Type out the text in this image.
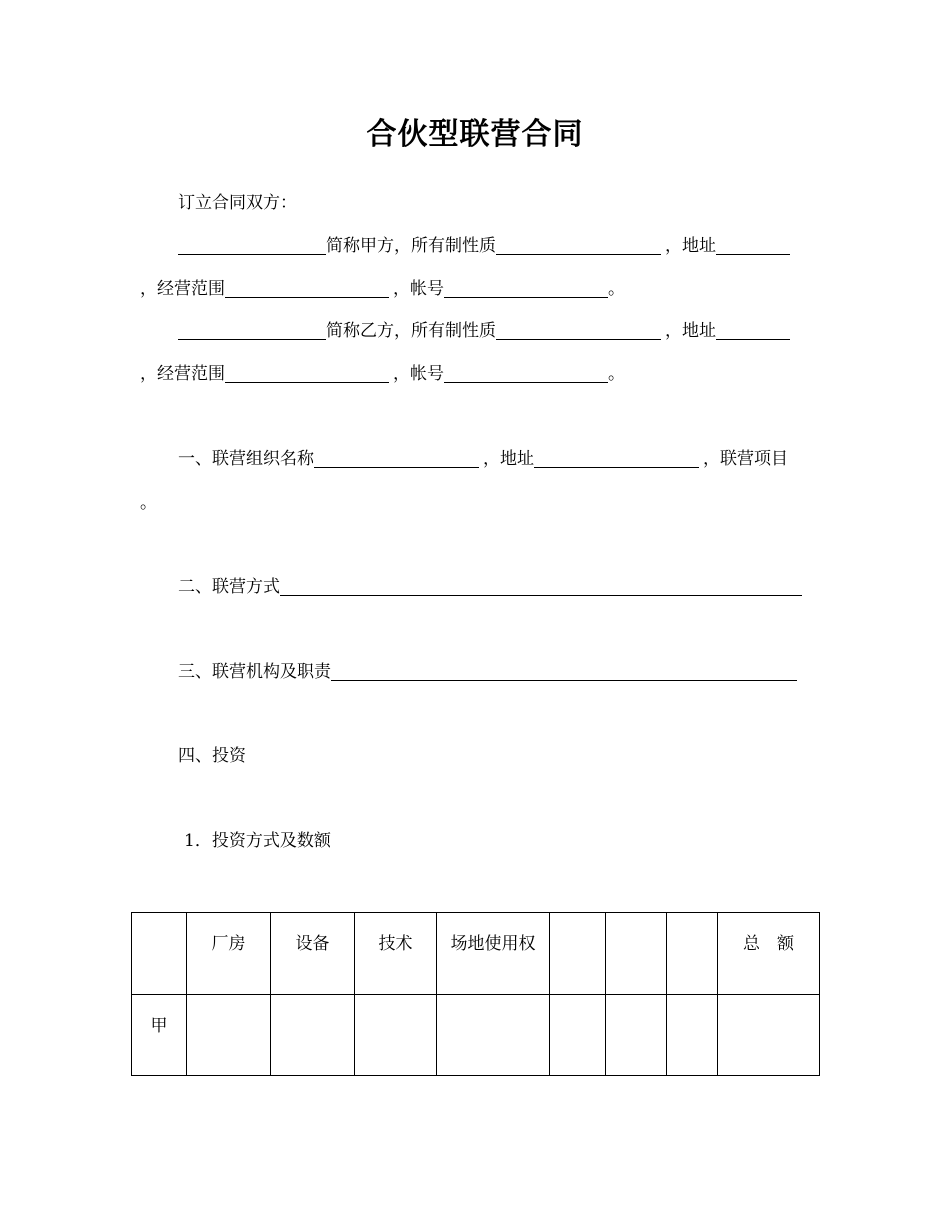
合伙型联营合同
订立合同双方：
简称甲方，所有制性质	，地址
，经营范围	，帐号	。
简称乙方，所有制性质	，地址
，经营范围	，帐号	。
一、联营组织名称	，地址	，联营项目
。
二、联营方式
三、联营机构及职责
四、投资
1．投资方式及数额
	厂房	设备	技术	场地使用权				总　额
甲								
